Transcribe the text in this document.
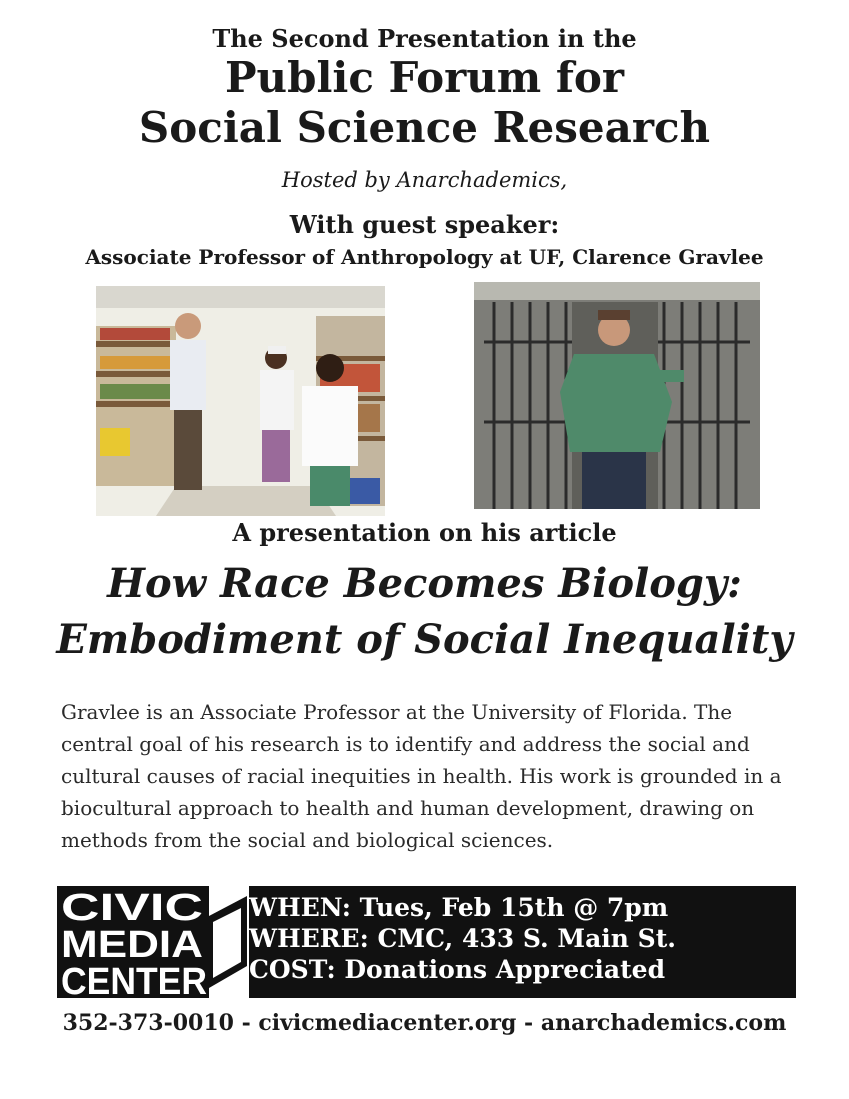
The Second Presentation in the
Public Forum for
Social Science Research
Hosted by Anarchademics,
With guest speaker:
Associate Professor of Anthropology at UF, Clarence Gravlee
A presentation on his article
How Race Becomes Biology:
Embodiment of Social Inequality
Gravlee is an Associate Professor at the University of Florida. The central goal of his research is to identify and address the social and cultural causes of racial inequities in health. His work is grounded in a biocultural approach to health and human development, drawing on methods from the social and biological sciences.
CIVIC
MEDIA
CENTER
WHEN: Tues, Feb 15th @ 7pm
WHERE: CMC, 433 S. Main St.
COST: Donations Appreciated
352-373-0010 - civicmediacenter.org - anarchademics.com
